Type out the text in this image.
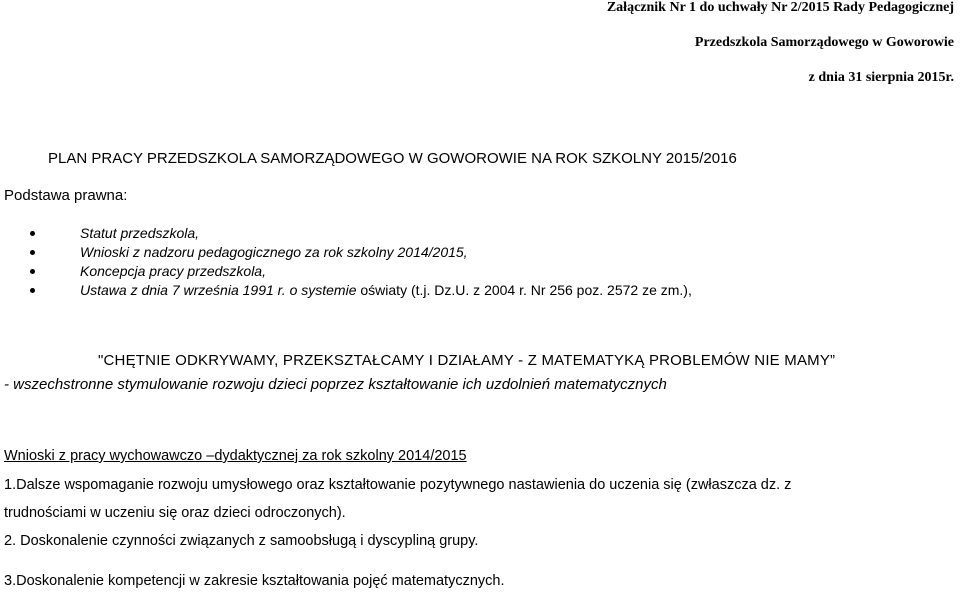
Załącznik Nr 1 do uchwały Nr 2/2015 Rady Pedagogicznej
Przedszkola Samorządowego w Goworowie
z dnia 31 sierpnia 2015r.
PLAN PRACY PRZEDSZKOLA SAMORZĄDOWEGO W GOWOROWIE NA ROK SZKOLNY 2015/2016
Podstawa prawna:
Statut przedszkola,
Wnioski z nadzoru pedagogicznego za rok szkolny 2014/2015,
Koncepcja pracy przedszkola,
Ustawa z dnia 7 września 1991 r. o systemie oświaty (t.j. Dz.U. z 2004 r. Nr 256 poz. 2572 ze zm.),
"CHĘTNIE ODKRYWAMY, PRZEKSZTAŁCAMY I DZIAŁAMY - Z MATEMATYKĄ PROBLEMÓW NIE MAMY”
- wszechstronne stymulowanie rozwoju dzieci poprzez kształtowanie ich uzdolnień matematycznych
Wnioski z pracy wychowawczo –dydaktycznej za rok szkolny 2014/2015
1.Dalsze wspomaganie rozwoju umysłowego oraz kształtowanie pozytywnego nastawienia do uczenia się (zwłaszcza dz. z
trudnościami w uczeniu się oraz dzieci odroczonych).
2. Doskonalenie czynności związanych z samoobsługą i dyscypliną grupy.
3.Doskonalenie kompetencji w zakresie kształtowania pojęć matematycznych.
